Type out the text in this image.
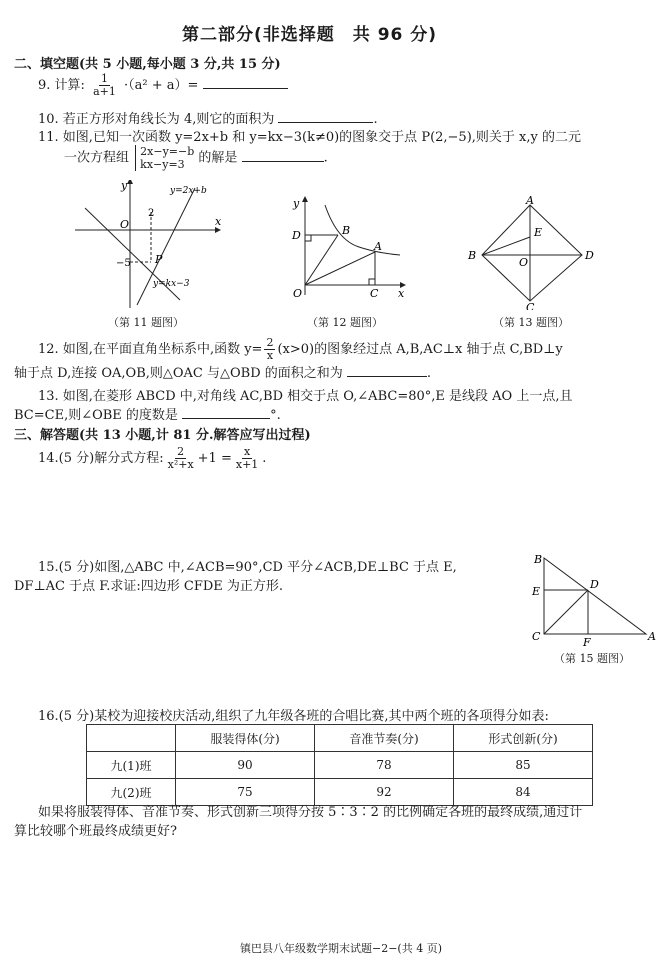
第二部分(非选择题　共 96 分)
二、填空题(共 5 小题,每小题 3 分,共 15 分)
9. 计算: $\frac{1}{a+1} \cdot(a^2 + a)=$
10. 若正方形对角线长为 4,则它的面积为	.
11. 如图,已知一次函数 y=2x+b 和 y=kx−3(k≠0)的图象交于点 P(2,−5),则关于 x,y 的二元
一次方程组 2x−y=−b
kx−y=3 的解是	.
y
x
O
2
−5 P
y=2x+b
y=kx−3
（第 11 题图）
y
x
O
A
B
C
D
（第 12 题图）
A
B
C
D
E
O
（第 13 题图）
12. 如图,在平面直角坐标系中,函数 $y= \frac{2}{x} (x>0)$的图象经过点 A,B,AC⊥x 轴于点 C,BD⊥y
轴于点 D,连接 OA,OB,则△OAC 与△OBD 的面积之和为	.
13. 如图,在菱形 ABCD 中,对角线 AC,BD 相交于点 O,∠ABC=80°,E 是线段 AO 上一点,且
BC=CE,则∠OBE 的度数是	°.
三、解答题(共 13 小题,计 81 分.解答应写出过程)
14.(5 分)解分式方程: $\frac{2}{\text{x²+x}} +1 = \frac{x}{x+1}$ .
15.(5 分)如图,△ABC 中,∠ACB=90°,CD 平分∠ACB,DE⊥BC 于点 E,
DF⊥AC 于点 F.求证:四边形 CFDE 为正方形.
B
E
C
D
F	A
（第 15 题图）
16.(5 分)某校为迎接校庆活动,组织了九年级各班的合唱比赛,其中两个班的各项得分如表:
	服装得体(分)	音准节奏(分)	形式创新(分)
九(1)班	90	78	85
九(2)班	75	92	84
如果将服装得体、音准节奏、形式创新三项得分按 5∶3∶2 的比例确定各班的最终成绩,通过计
算比较哪个班最终成绩更好?
镇巴县八年级数学期末试题−2−(共 4 页)
